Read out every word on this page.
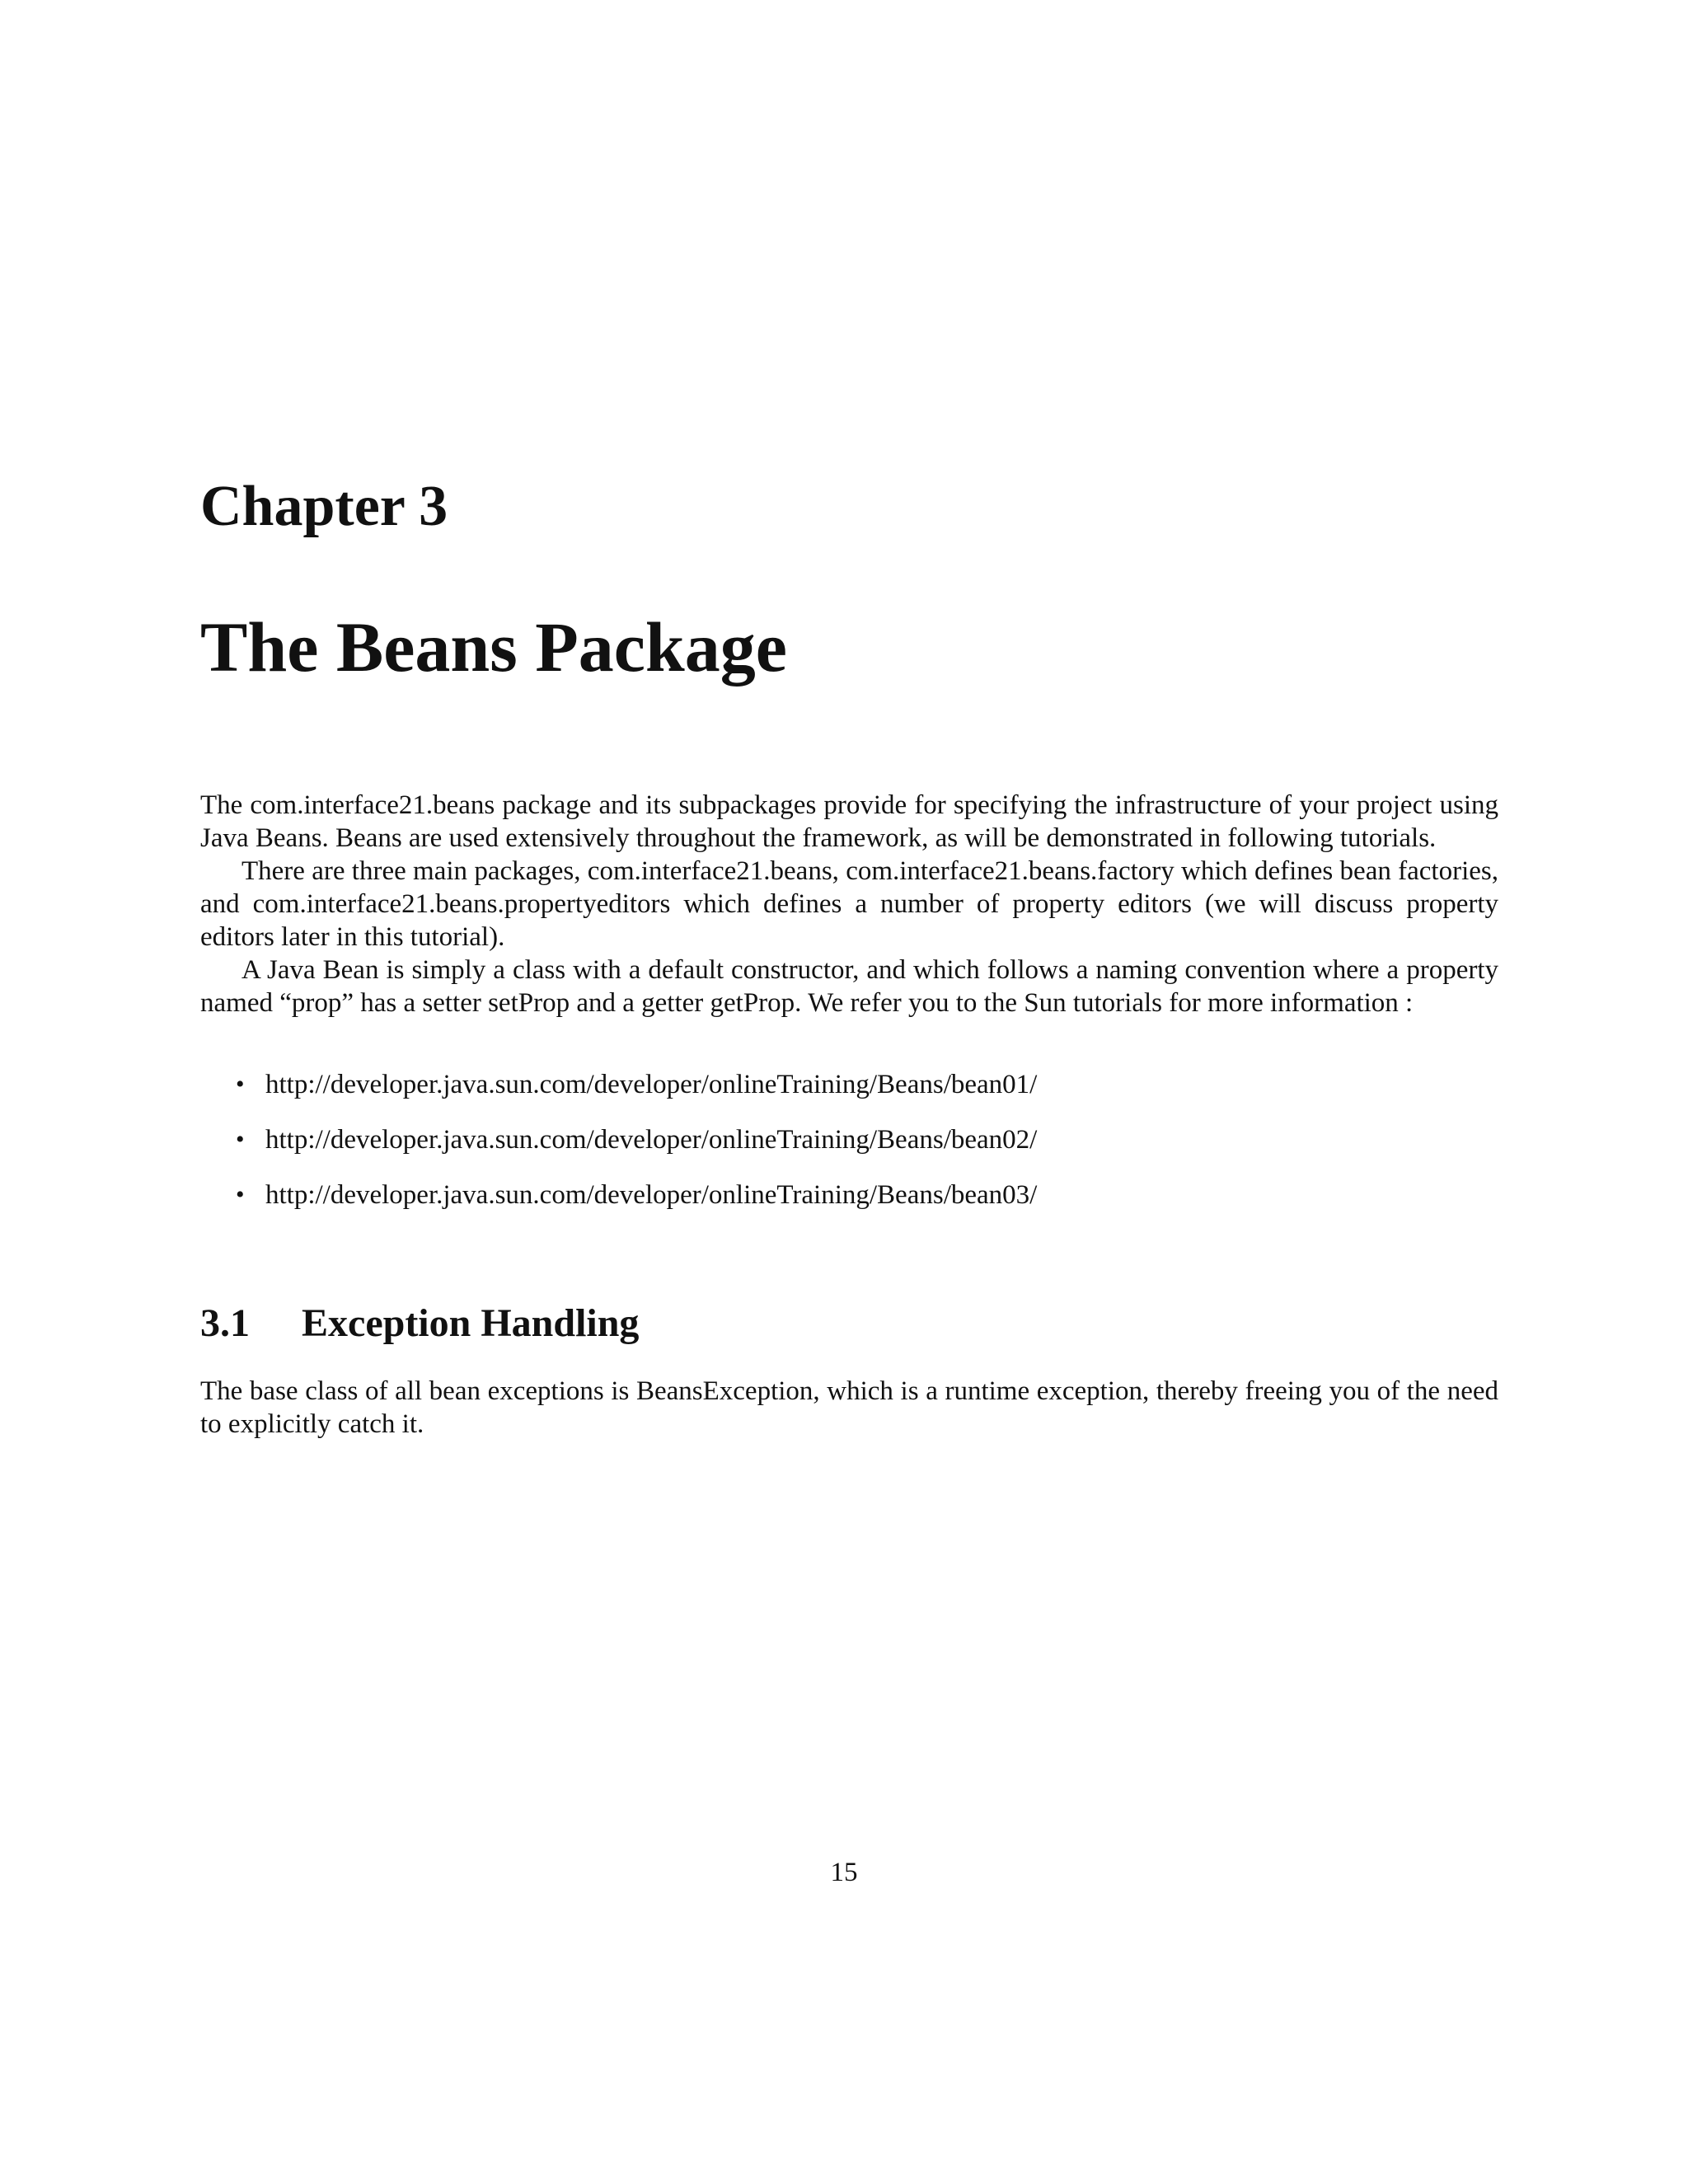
Chapter 3
The Beans Package

The com.interface21.beans package and its subpackages provide for specifying the infrastructure of your project using Java Beans. Beans are used extensively throughout the framework, as will be demonstrated in following tutorials.

There are three main packages, com.interface21.beans, com.interface21.beans.factory which defines bean factories, and com.interface21.beans.propertyeditors which defines a number of property editors (we will discuss property editors later in this tutorial).

A Java Bean is simply a class with a default constructor, and which follows a naming convention where a property named “prop” has a setter setProp and a getter getProp. We refer you to the Sun tutorials for more information :

• http://developer.java.sun.com/developer/onlineTraining/Beans/bean01/
• http://developer.java.sun.com/developer/onlineTraining/Beans/bean02/
• http://developer.java.sun.com/developer/onlineTraining/Beans/bean03/
3.1 Exception Handling

The base class of all bean exceptions is BeansException, which is a runtime exception, thereby freeing you of the need to explicitly catch it.

15
